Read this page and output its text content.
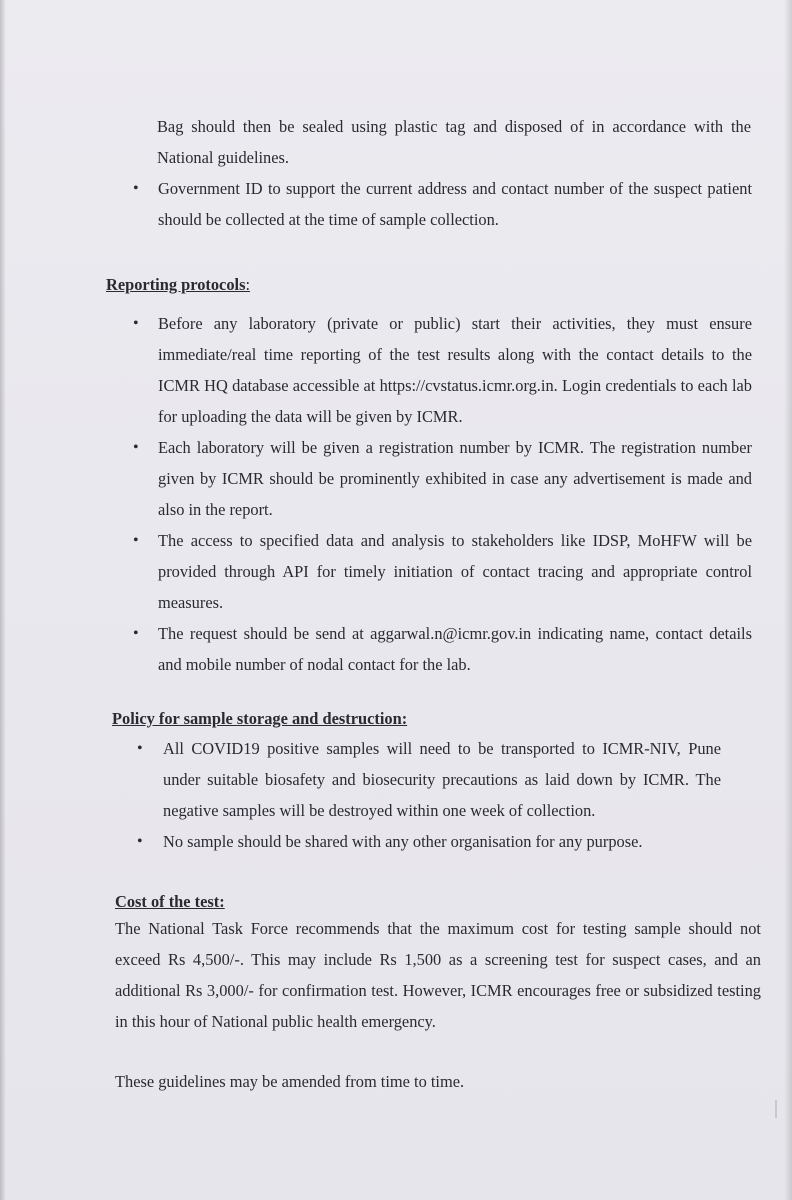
Bag should then be sealed using plastic tag and disposed of in accordance with the National guidelines.

• Government ID to support the current address and contact number of the suspect patient should be collected at the time of sample collection.
Reporting protocols:
• Before any laboratory (private or public) start their activities, they must ensure immediate/real time reporting of the test results along with the contact details to the ICMR HQ database accessible at https://cvstatus.icmr.org.in. Login credentials to each lab for uploading the data will be given by ICMR.
• Each laboratory will be given a registration number by ICMR. The registration number given by ICMR should be prominently exhibited in case any advertisement is made and also in the report.
• The access to specified data and analysis to stakeholders like IDSP, MoHFW will be provided through API for timely initiation of contact tracing and appropriate control measures.
• The request should be send at aggarwal.n@icmr.gov.in indicating name, contact details and mobile number of nodal contact for the lab.
Policy for sample storage and destruction:
• All COVID19 positive samples will need to be transported to ICMR-NIV, Pune under suitable biosafety and biosecurity precautions as laid down by ICMR. The negative samples will be destroyed within one week of collection.
• No sample should be shared with any other organisation for any purpose.
Cost of the test:

The National Task Force recommends that the maximum cost for testing sample should not exceed Rs 4,500/-. This may include Rs 1,500 as a screening test for suspect cases, and an additional Rs 3,000/- for confirmation test. However, ICMR encourages free or subsidized testing in this hour of National public health emergency.

These guidelines may be amended from time to time.
